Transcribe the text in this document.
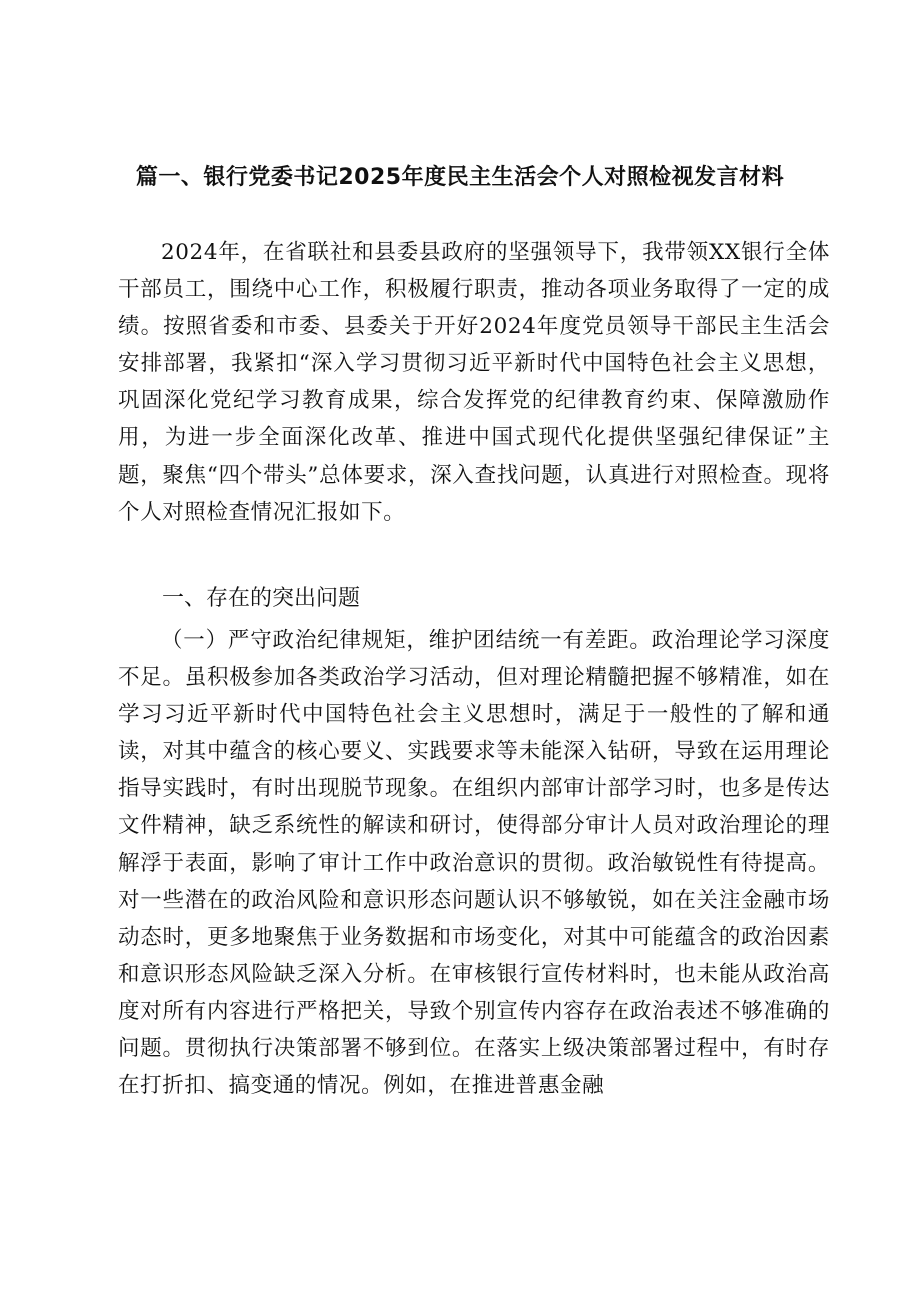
篇一、银行党委书记2025年度民主生活会个人对照检视发言材料

2024年，在省联社和县委县政府的坚强领导下，我带领XX银行全体干部员工，围绕中心工作，积极履行职责，推动各项业务取得了一定的成绩。按照省委和市委、县委关于开好2024年度党员领导干部民主生活会安排部署，我紧扣“深入学习贯彻习近平新时代中国特色社会主义思想，巩固深化党纪学习教育成果，综合发挥党的纪律教育约束、保障激励作用，为进一步全面深化改革、推进中国式现代化提供坚强纪律保证”主题，聚焦“四个带头”总体要求，深入查找问题，认真进行对照检查。现将个人对照检查情况汇报如下。

一、存在的突出问题

（一）严守政治纪律规矩，维护团结统一有差距。政治理论学习深度不足。虽积极参加各类政治学习活动，但对理论精髓把握不够精准，如在学习习近平新时代中国特色社会主义思想时，满足于一般性的了解和通读，对其中蕴含的核心要义、实践要求等未能深入钻研，导致在运用理论指导实践时，有时出现脱节现象。在组织内部审计部学习时，也多是传达文件精神，缺乏系统性的解读和研讨，使得部分审计人员对政治理论的理解浮于表面，影响了审计工作中政治意识的贯彻。政治敏锐性有待提高。对一些潜在的政治风险和意识形态问题认识不够敏锐，如在关注金融市场动态时，更多地聚焦于业务数据和市场变化，对其中可能蕴含的政治因素和意识形态风险缺乏深入分析。在审核银行宣传材料时，也未能从政治高度对所有内容进行严格把关，导致个别宣传内容存在政治表述不够准确的问题。贯彻执行决策部署不够到位。在落实上级决策部署过程中，有时存在打折扣、搞变通的情况。例如，在推进普惠金融
